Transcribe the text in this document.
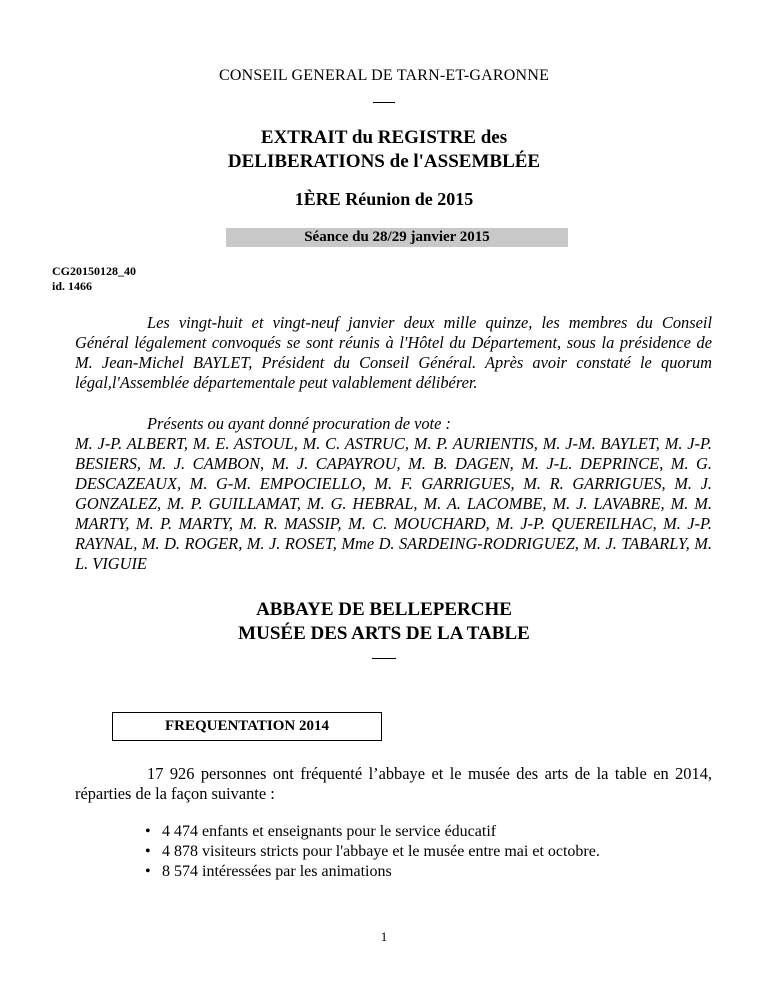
CONSEIL GENERAL DE TARN-ET-GARONNE
EXTRAIT du REGISTRE des
DELIBERATIONS de l'ASSEMBLÉE
1ÈRE Réunion de 2015
Séance du 28/29 janvier 2015
CG20150128_40
id. 1466
Les vingt-huit et vingt-neuf janvier deux mille quinze, les membres du Conseil Général légalement convoqués se sont réunis à l'Hôtel du Département, sous la présidence de M. Jean-Michel BAYLET, Président du Conseil Général. Après avoir constaté le quorum légal,l'Assemblée départementale peut valablement délibérer.
Présents ou ayant donné procuration de vote :
M. J-P. ALBERT, M. E. ASTOUL, M. C. ASTRUC, M. P. AURIENTIS, M. J-M. BAYLET, M. J-P. BESIERS, M. J. CAMBON, M. J. CAPAYROU, M. B. DAGEN, M. J-L. DEPRINCE, M. G. DESCAZEAUX, M. G-M. EMPOCIELLO, M. F. GARRIGUES, M. R. GARRIGUES, M. J. GONZALEZ, M. P. GUILLAMAT, M. G. HEBRAL, M. A. LACOMBE, M. J. LAVABRE, M. M. MARTY, M. P. MARTY, M. R. MASSIP, M. C. MOUCHARD, M. J-P. QUEREILHAC, M. J-P. RAYNAL, M. D. ROGER, M. J. ROSET, Mme D. SARDEING-RODRIGUEZ, M. J. TABARLY, M. L. VIGUIE
ABBAYE DE BELLEPERCHE
MUSÉE DES ARTS DE LA TABLE
FREQUENTATION 2014
17 926 personnes ont fréquenté l’abbaye et le musée des arts de la table en 2014, réparties de la façon suivante :
• 4 474 enfants et enseignants pour le service éducatif
• 4 878 visiteurs stricts pour l'abbaye et le musée entre mai et octobre.
• 8 574 intéressées par les animations
1
